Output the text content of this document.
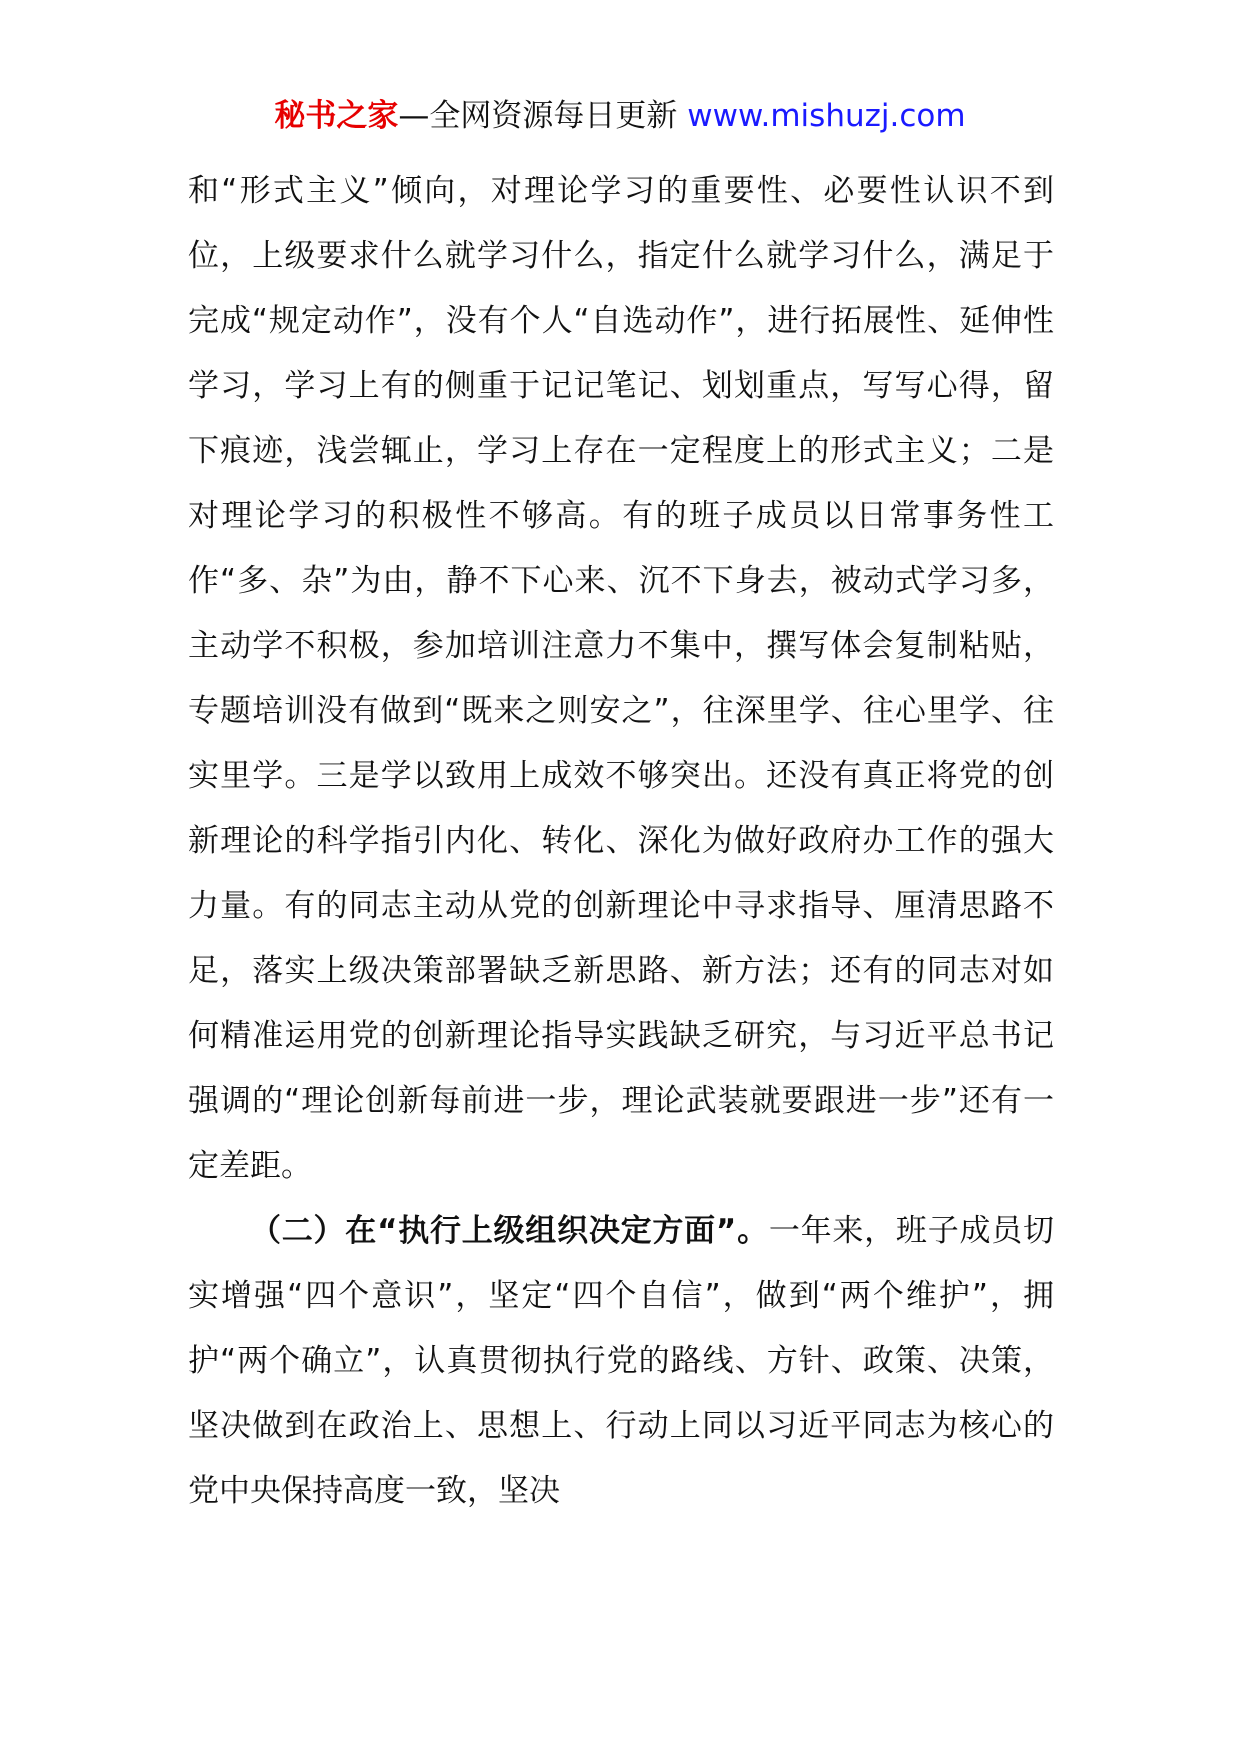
秘书之家—全网资源每日更新 www.mishuzj.com

和“形式主义”倾向，对理论学习的重要性、必要性认识不到位，上级要求什么就学习什么，指定什么就学习什么，满足于完成“规定动作”，没有个人“自选动作”，进行拓展性、延伸性学习，学习上有的侧重于记记笔记、划划重点，写写心得，留下痕迹，浅尝辄止，学习上存在一定程度上的形式主义；二是对理论学习的积极性不够高。有的班子成员以日常事务性工作“多、杂”为由，静不下心来、沉不下身去，被动式学习多，主动学不积极，参加培训注意力不集中，撰写体会复制粘贴，专题培训没有做到“既来之则安之”，往深里学、往心里学、往实里学。三是学以致用上成效不够突出。还没有真正将党的创新理论的科学指引内化、转化、深化为做好政府办工作的强大力量。有的同志主动从党的创新理论中寻求指导、厘清思路不足，落实上级决策部署缺乏新思路、新方法；还有的同志对如何精准运用党的创新理论指导实践缺乏研究，与习近平总书记强调的“理论创新每前进一步，理论武装就要跟进一步”还有一定差距。

（二）在“执行上级组织决定方面”。一年来，班子成员切实增强“四个意识”，坚定“四个自信”，做到“两个维护”，拥护“两个确立”，认真贯彻执行党的路线、方针、政策、决策，坚决做到在政治上、思想上、行动上同以习近平同志为核心的党中央保持高度一致，坚决
